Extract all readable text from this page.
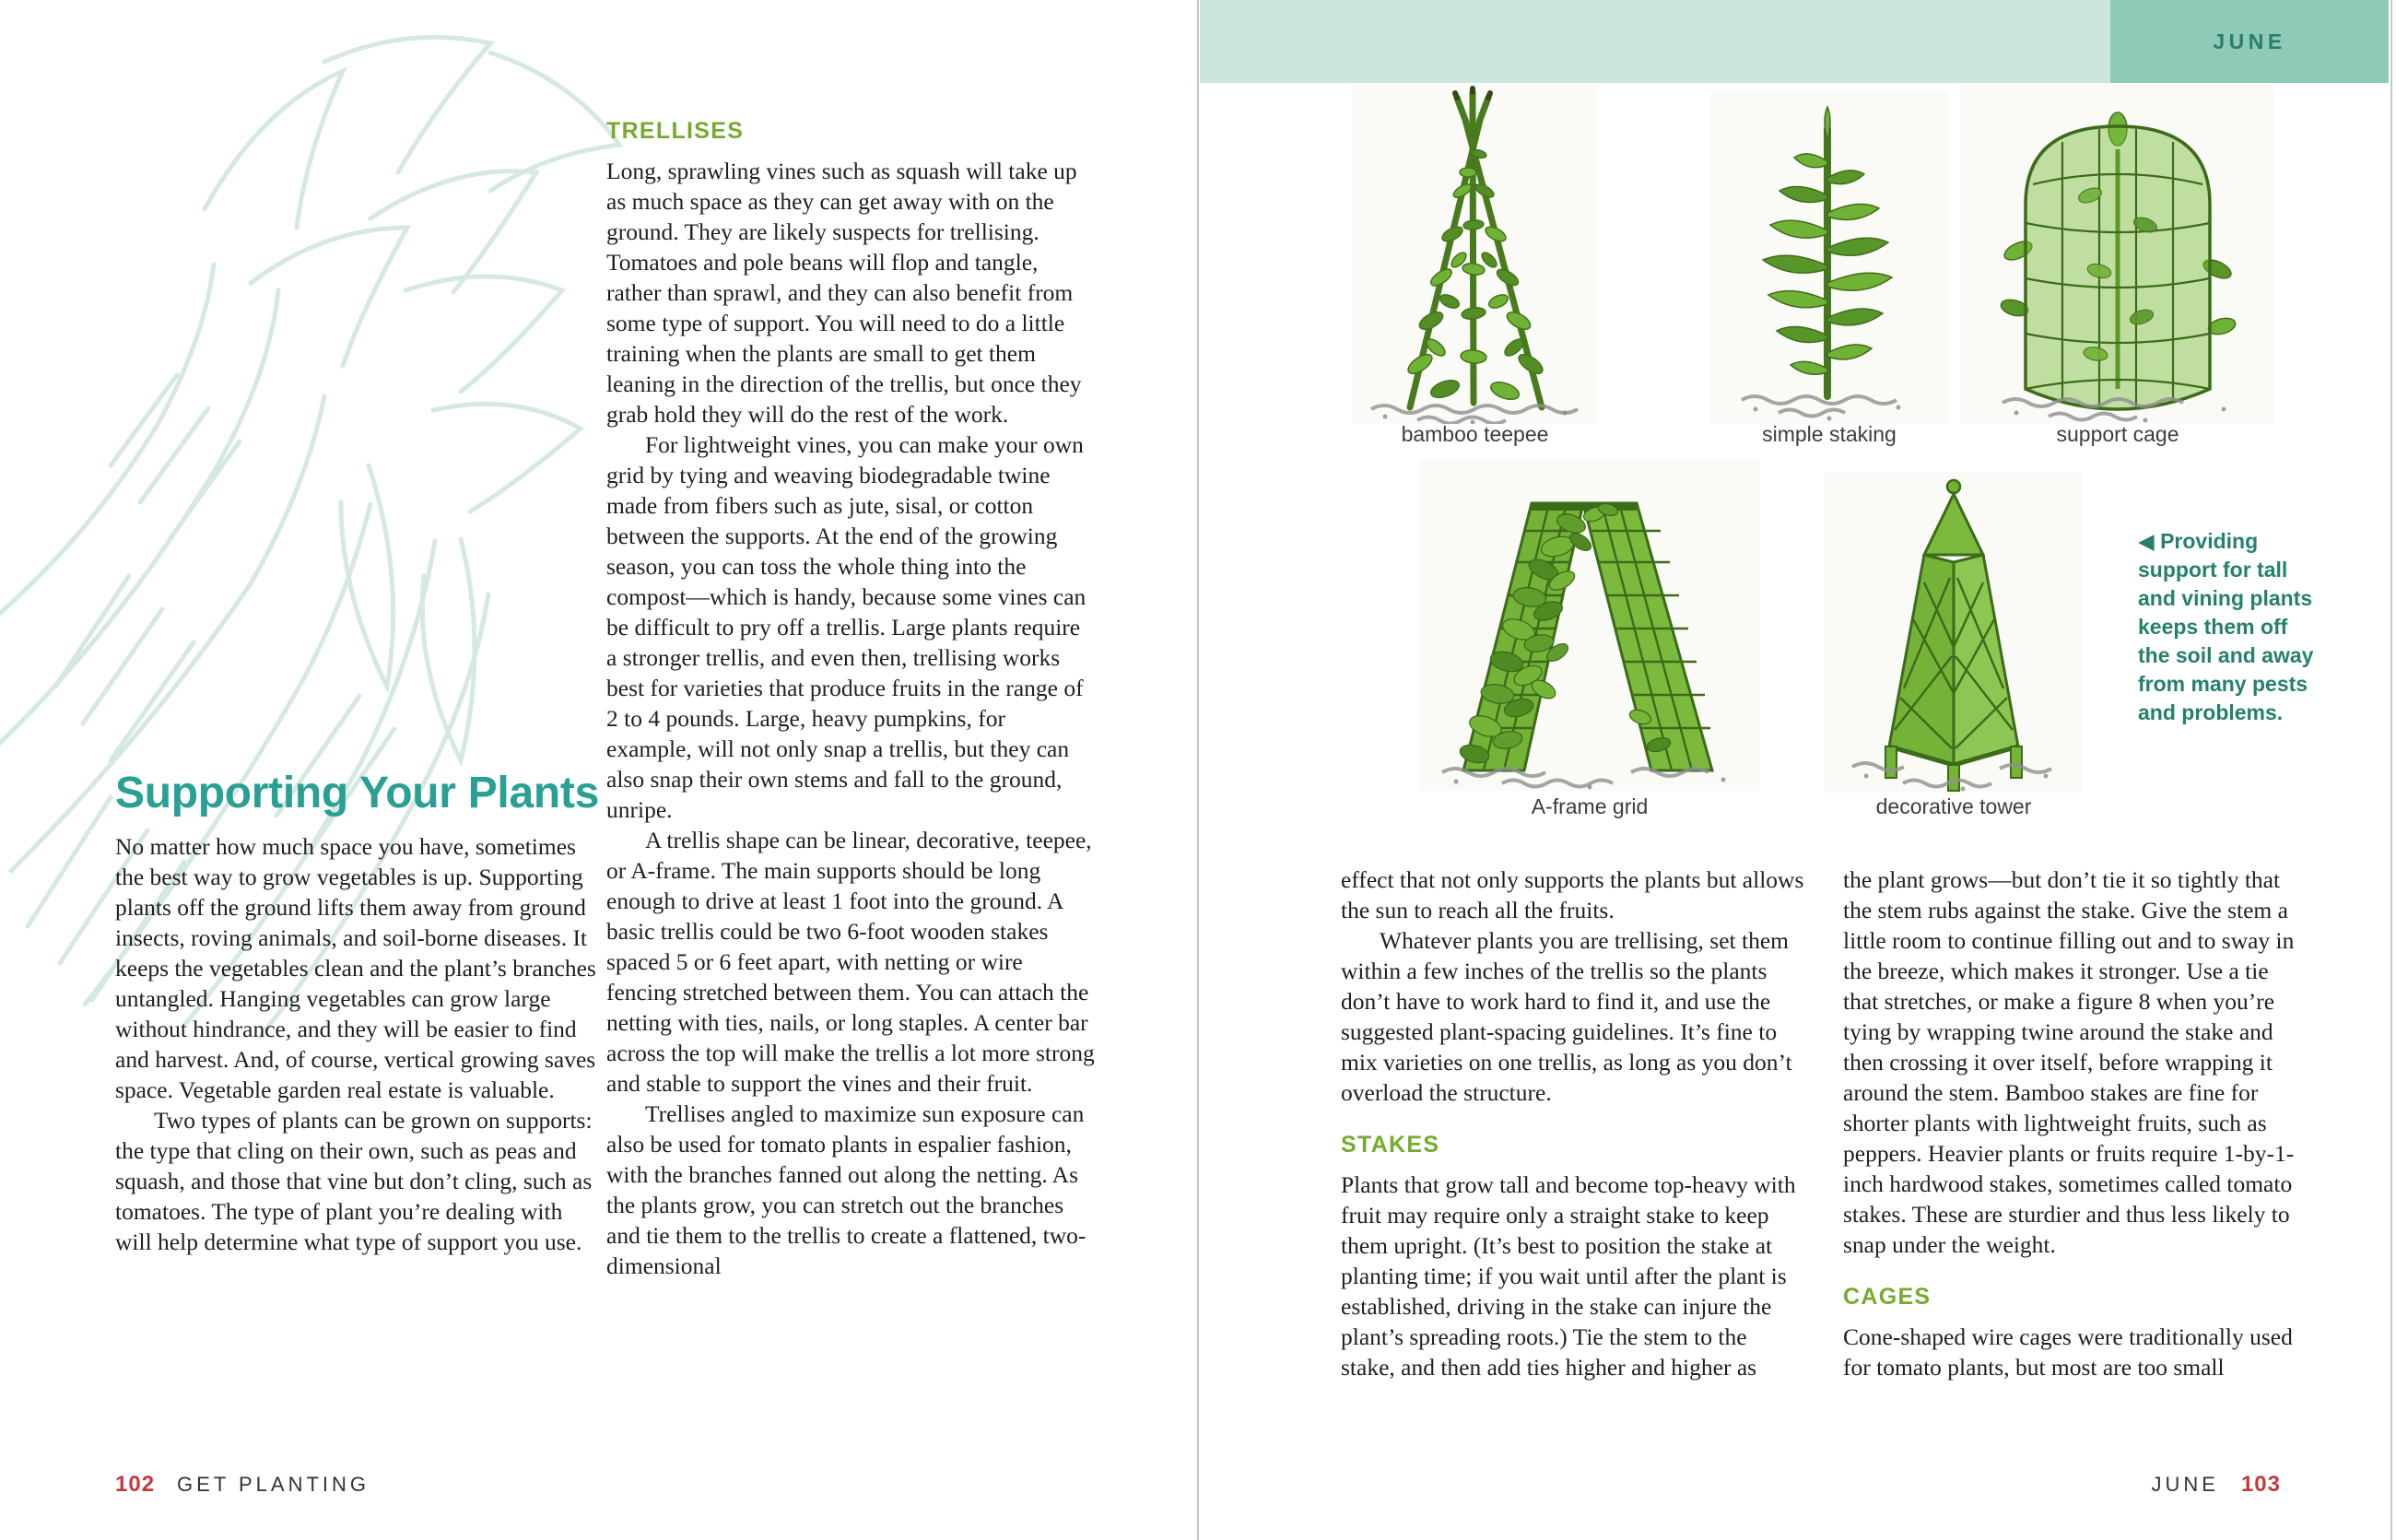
Supporting Your Plants

No matter how much space you have, sometimes the best way to grow vegetables is up. Supporting plants off the ground lifts them away from ground insects, roving animals, and soil-borne diseases. It keeps the vegetables clean and the plant’s branches untangled. Hanging vegetables can grow large without hindrance, and they will be easier to find and harvest. And, of course, vertical growing saves space. Vegetable garden real estate is valuable.

Two types of plants can be grown on supports: the type that cling on their own, such as peas and squash, and those that vine but don’t cling, such as tomatoes. The type of plant you’re dealing with will help determine what type of support you use.

TRELLISES

Long, sprawling vines such as squash will take up as much space as they can get away with on the ground. They are likely suspects for trellising. Tomatoes and pole beans will flop and tangle, rather than sprawl, and they can also benefit from some type of support. You will need to do a little training when the plants are small to get them leaning in the direction of the trellis, but once they grab hold they will do the rest of the work.

For lightweight vines, you can make your own grid by tying and weaving biodegradable twine made from fibers such as jute, sisal, or cotton between the supports. At the end of the growing season, you can toss the whole thing into the compost—which is handy, because some vines can be difficult to pry off a trellis. Large plants require a stronger trellis, and even then, trellising works best for varieties that produce fruits in the range of 2 to 4 pounds. Large, heavy pumpkins, for example, will not only snap a trellis, but they can also snap their own stems and fall to the ground, unripe.

A trellis shape can be linear, decorative, teepee, or A-frame. The main supports should be long enough to drive at least 1 foot into the ground. A basic trellis could be two 6-foot wooden stakes spaced 5 or 6 feet apart, with netting or wire fencing stretched between them. You can attach the netting with ties, nails, or long staples. A center bar across the top will make the trellis a lot more strong and stable to support the vines and their fruit.

Trellises angled to maximize sun exposure can also be used for tomato plants in espalier fashion, with the branches fanned out along the netting. As the plants grow, you can stretch out the branches and tie them to the trellis to create a flattened, two-dimensional

102 GET PLANTING
JUNE
bamboo teepee	simple staking	support cage
A-frame grid	decorative tower
◀ Providing support for tall and vining plants keeps them off the soil and away from many pests and problems.

effect that not only supports the plants but allows the sun to reach all the fruits.

Whatever plants you are trellising, set them within a few inches of the trellis so the plants don’t have to work hard to find it, and use the suggested plant-spacing guidelines. It’s fine to mix varieties on one trellis, as long as you don’t overload the structure.

STAKES

Plants that grow tall and become top-heavy with fruit may require only a straight stake to keep them upright. (It’s best to position the stake at planting time; if you wait until after the plant is established, driving in the stake can injure the plant’s spreading roots.) Tie the stem to the stake, and then add ties higher and higher as

the plant grows—but don’t tie it so tightly that the stem rubs against the stake. Give the stem a little room to continue filling out and to sway in the breeze, which makes it stronger. Use a tie that stretches, or make a figure 8 when you’re tying by wrapping twine around the stake and then crossing it over itself, before wrapping it around the stem. Bamboo stakes are fine for shorter plants with lightweight fruits, such as peppers. Heavier plants or fruits require 1-by-1-inch hardwood stakes, sometimes called tomato stakes. These are sturdier and thus less likely to snap under the weight.

CAGES

Cone-shaped wire cages were traditionally used for tomato plants, but most are too small

JUNE 103
